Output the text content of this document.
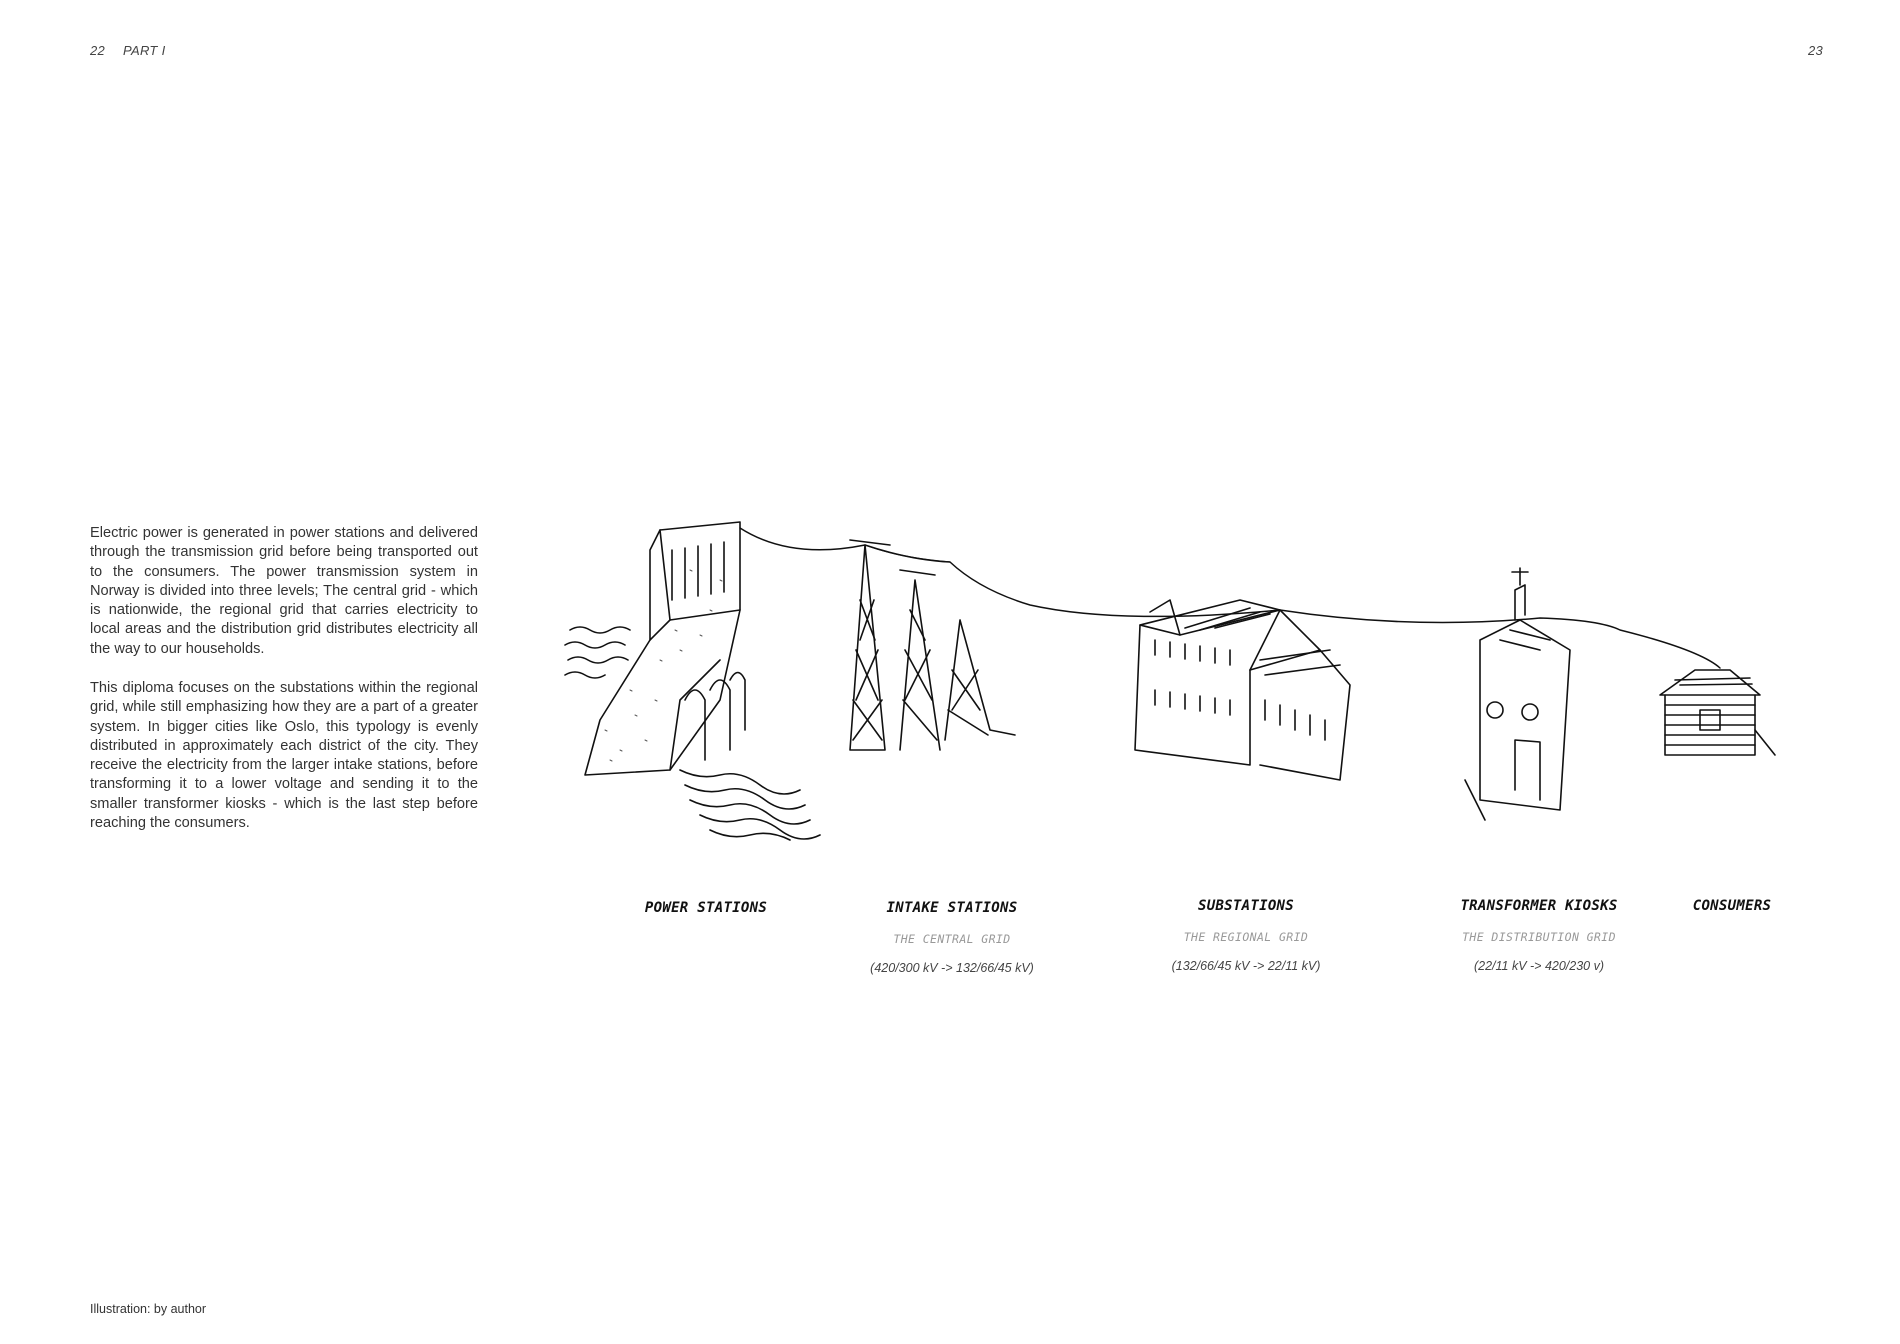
22 PART I	23

Electric power is generated in power stations and delivered through the transmission grid before being transported out to the consumers. The power transmission system in Norway is divided into three levels; The central grid - which is nationwide, the regional grid that carries electricity to local areas and the distribution grid distributes electricity all the way to our households.

This diploma focuses on the substations within the regional grid, while still emphasizing how they are a part of a greater system. In bigger cities like Oslo, this typology is evenly distributed in approximately each district of the city. They receive the electricity from the larger intake stations, before transforming it to a lower voltage and sending it to the smaller transformer kiosks - which is the last step before reaching the consumers.

POWER STATIONS	INTAKE STATIONS
THE CENTRAL GRID
(420/300 kV -> 132/66/45 kV)
SUBSTATIONS
THE REGIONAL GRID
(132/66/45 kV -> 22/11 kV)
TRANSFORMER KIOSKS
THE DISTRIBUTION GRID
(22/11 kV -> 420/230 v)
CONSUMERS
Illustration: by author
